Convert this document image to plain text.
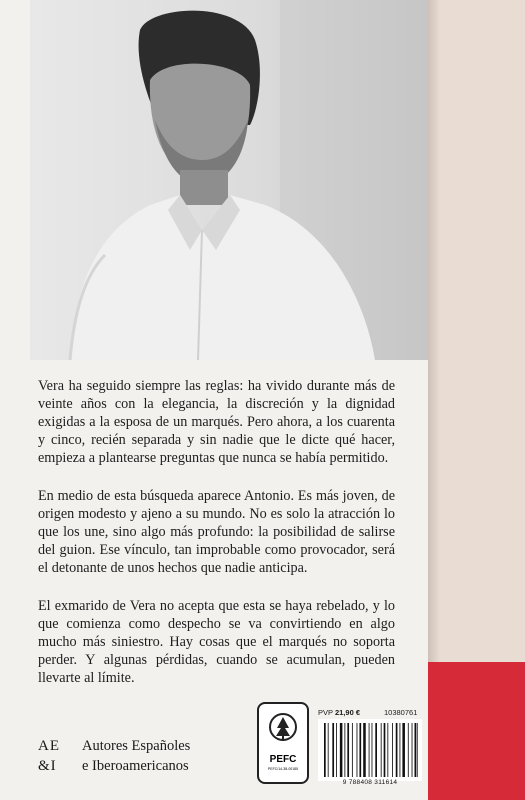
Vera ha seguido siempre las reglas: ha vivido durante más de veinte años con la elegancia, la discreción y la dignidad exigidas a la esposa de un marqués. Pero ahora, a los cuarenta y cinco, recién separada y sin nadie que le dicte qué hacer, empieza a plantearse preguntas que nunca se había permitido.

En medio de esta búsqueda aparece Antonio. Es más joven, de origen modesto y ajeno a su mundo. No es solo la atracción lo que los une, sino algo más profundo: la posibilidad de salirse del guion. Ese vínculo, tan improbable como provocador, será el detonante de unos hechos que nadie anticipa.

El exmarido de Vera no acepta que esta se haya rebelado, y lo que comienza como despecho se va convirtiendo en algo mucho más siniestro. Hay cosas que el marqués no soporta perder. Y algunas pérdidas, cuando se acumulan, pueden llevarte al límite.

AE
&I
Autores Españoles
e Iberoamericanos	PEFC
PEFC/14-38-00185
PVP 21,90 €	10380761
9 788408 311614
